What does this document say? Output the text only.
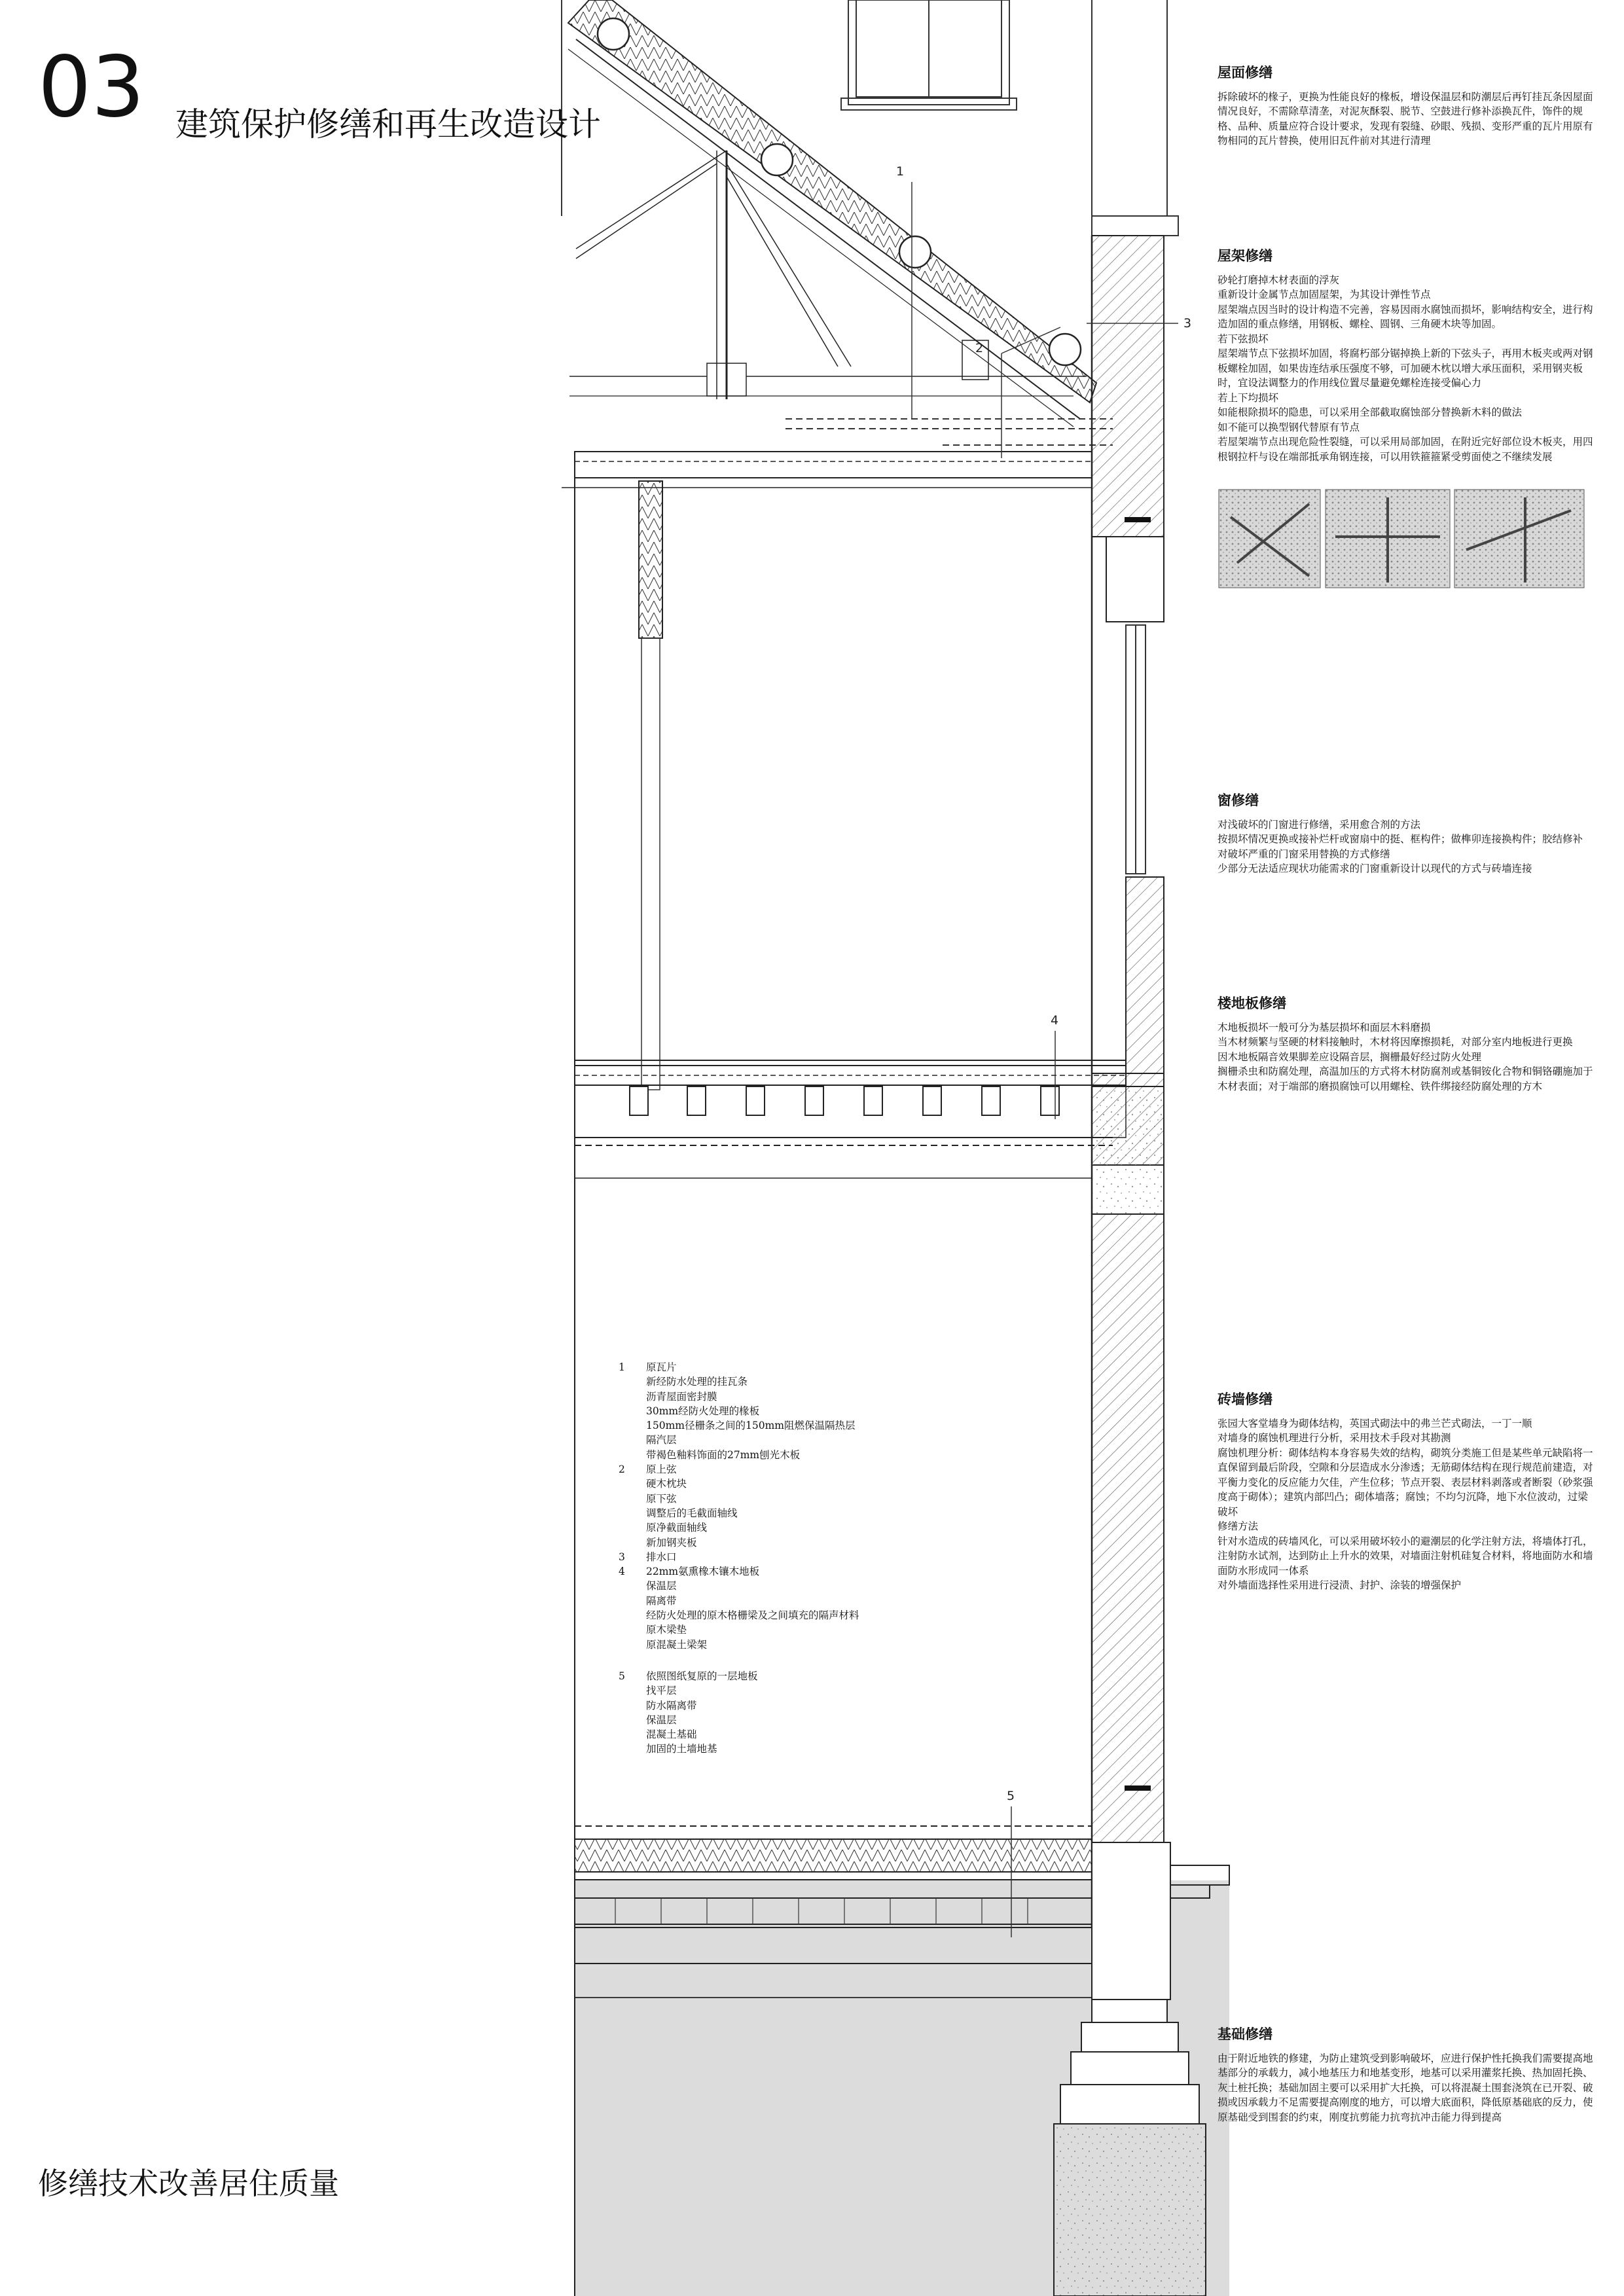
1
2
3
4
5
03 建筑保护修缮和再生改造设计
屋面修缮

拆除破坏的椽子，更换为性能良好的椽板，增设保温层和防潮层后再钉挂瓦条因屋面情况良好，不需除草清垄，对泥灰酥裂、脱节、空鼓进行修补添换瓦件，饰件的规格、品种、质量应符合设计要求，发现有裂缝、砂眼、残损、变形严重的瓦片用原有物相同的瓦片替换，使用旧瓦件前对其进行清理

屋架修缮

砂轮打磨掉木材表面的浮灰

重新设计金属节点加固屋架，为其设计弹性节点

屋架端点因当时的设计构造不完善，容易因雨水腐蚀而损坏，影响结构安全，进行构造加固的重点修缮，用钢板、螺栓、圆钢、三角硬木块等加固。

若下弦损坏

屋架端节点下弦损坏加固，将腐朽部分锯掉换上新的下弦头子，再用木板夹或两对钢板螺栓加固，如果齿连结承压强度不够，可加硬木枕以增大承压面积，采用钢夹板时，宜设法调整力的作用线位置尽量避免螺栓连接受偏心力

若上下均损坏

如能根除损坏的隐患，可以采用全部截取腐蚀部分替换新木料的做法

如不能可以换型钢代替原有节点

若屋架端节点出现危险性裂缝，可以采用局部加固，在附近完好部位设木板夹，用四根钢拉杆与设在端部抵承角钢连接，可以用铁箍箍紧受剪面使之不继续发展

窗修缮

对浅破坏的门窗进行修缮，采用愈合剂的方法

按损坏情况更换或接补烂杆或窗扇中的挺、框构件；做榫卯连接换构件；胶结修补

对破坏严重的门窗采用替换的方式修缮

少部分无法适应现状功能需求的门窗重新设计以现代的方式与砖墙连接

楼地板修缮

木地板损坏一般可分为基层损坏和面层木料磨损

当木材频繁与坚硬的材料接触时，木材将因摩擦损耗，对部分室内地板进行更换

因木地板隔音效果脚差应设隔音层，搁栅最好经过防火处理

搁栅杀虫和防腐处理，高温加压的方式将木材防腐剂或基铜铵化合物和铜铬硼施加于木材表面；对于端部的磨损腐蚀可以用螺栓、铁件绑接经防腐处理的方木

砖墙修缮

张园大客堂墙身为砌体结构，英国式砌法中的弗兰芒式砌法，一丁一顺

对墙身的腐蚀机理进行分析，采用技术手段对其勘测

腐蚀机理分析：砌体结构本身容易失效的结构，砌筑分类施工但是某些单元缺陷将一直保留到最后阶段，空隙和分层造成水分渗透；无筋砌体结构在现行规范前建造，对平衡力变化的反应能力欠佳，产生位移；节点开裂、表层材料剥落或者断裂（砂浆强度高于砌体）；建筑内部凹凸；砌体墙落；腐蚀；不均匀沉降，地下水位波动，过梁破坏

修缮方法

针对水造成的砖墙风化，可以采用破坏较小的避潮层的化学注射方法，将墙体打孔，注射防水试剂，达到防止上升水的效果，对墙面注射机硅复合材料，将地面防水和墙面防水形成同一体系

对外墙面选择性采用进行浸渍、封护、涂装的增强保护

基础修缮

由于附近地铁的修建，为防止建筑受到影响破坏，应进行保护性托换我们需要提高地基部分的承载力，减小地基压力和地基变形，地基可以采用灌浆托换、热加固托换、灰土桩托换；基础加固主要可以采用扩大托换，可以将混凝土围套浇筑在已开裂、破损或因承载力不足需要提高刚度的地方，可以增大底面积，降低原基础底的反力，使原基础受到围套的约束，刚度抗剪能力抗弯抗冲击能力得到提高

1	原瓦片
新经防水处理的挂瓦条
沥青屋面密封膜
30mm经防火处理的椽板
150mm径栅条之间的150mm阻燃保温隔热层
隔汽层
带褐色釉料饰面的27mm刨光木板
2	原上弦
硬木枕块
原下弦
调整后的毛截面轴线
原净截面轴线
新加钢夹板
3	排水口
4	22mm氨熏橡木镶木地板
保温层
隔离带
经防火处理的原木格栅梁及之间填充的隔声材料
原木梁垫
原混凝土梁架
5	依照图纸复原的一层地板
找平层
防水隔离带
保温层
混凝土基础
加固的土墙地基
修缮技术改善居住质量
